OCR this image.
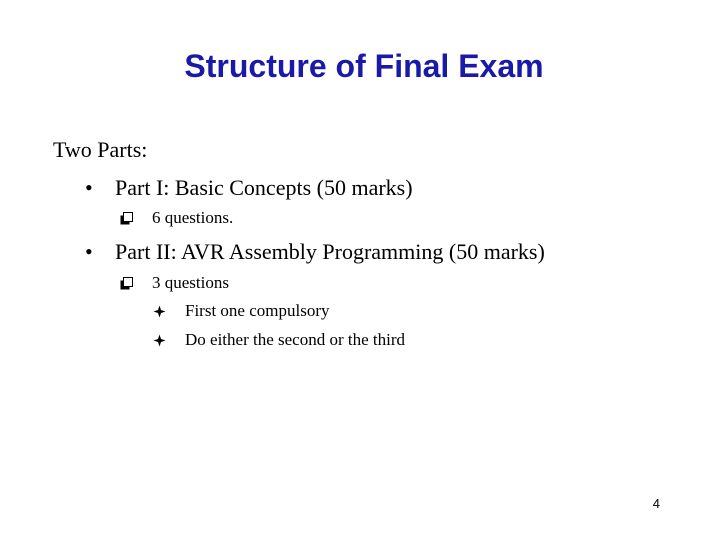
Structure of Final Exam
Two Parts:
• Part I: Basic Concepts (50 marks)
6 questions.
• Part II: AVR Assembly Programming (50 marks)
3 questions
First one compulsory
Do either the second or the third
4
